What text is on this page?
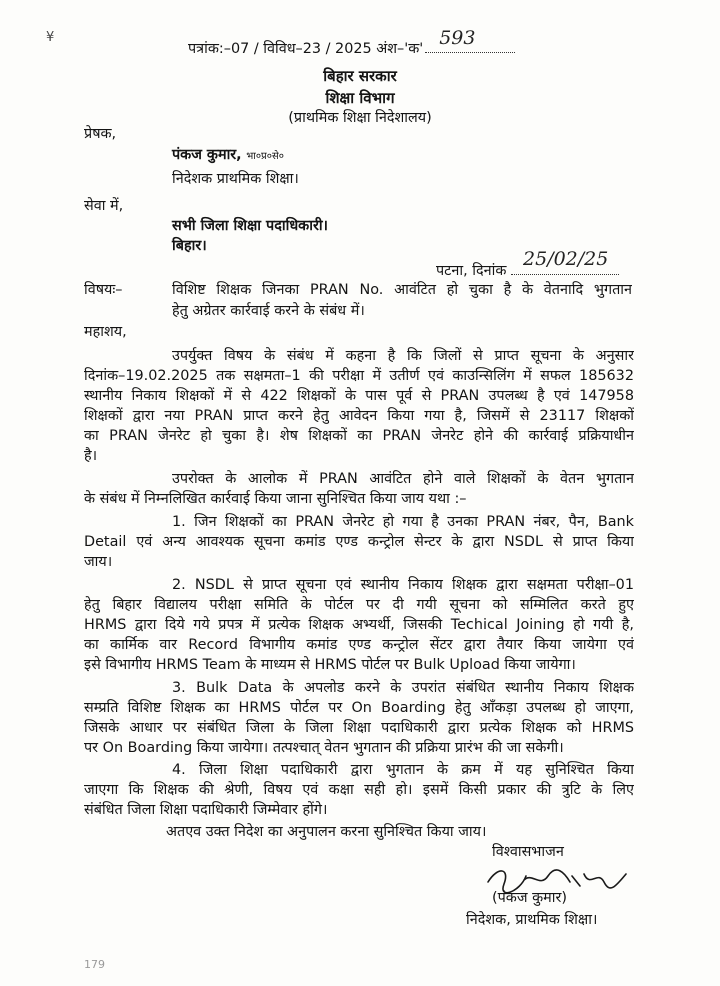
¥
पत्रांक:–07 / विविध–23 / 2025 अंश–'क' 593
बिहार सरकार
शिक्षा विभाग
(प्राथमिक शिक्षा निदेशालय)
प्रेषक,
पंकज कुमार, भा०प्र०से०
निदेशक प्राथमिक शिक्षा।
सेवा में,
सभी जिला शिक्षा पदाधिकारी।
बिहार।
पटना, दिनांक
25/02/25
विषयः–	विशिष्ट शिक्षक जिनका PRAN No. आवंटित हो चुका है के वेतनादि भुगतान
हेतु अग्रेतर कार्रवाई करने के संबंध में।
महाशय,
उपर्युक्त विषय के संबंध में कहना है कि जिलों से प्राप्त सूचना के अनुसार
दिनांक–19.02.2025 तक सक्षमता–1 की परीक्षा में उतीर्ण एवं काउन्सिलिंग में सफल 185632
स्थानीय निकाय शिक्षकों में से 422 शिक्षकों के पास पूर्व से PRAN उपलब्ध है एवं 147958
शिक्षकों द्वारा नया PRAN प्राप्त करने हेतु आवेदन किया गया है, जिसमें से 23117 शिक्षकों
का PRAN जेनरेट हो चुका है। शेष शिक्षकों का PRAN जेनरेट होने की कार्रवाई प्रक्रियाधीन
है।
उपरोक्त के आलोक में PRAN आवंटित होने वाले शिक्षकों के वेतन भुगतान
के संबंध में निम्नलिखित कार्रवाई किया जाना सुनिश्चित किया जाय यथा :–
1. जिन शिक्षकों का PRAN जेनरेट हो गया है उनका PRAN नंबर, पैन, Bank
Detail एवं अन्य आवश्यक सूचना कमांड एण्ड कन्ट्रोल सेन्टर के द्वारा NSDL से प्राप्त किया
जाय।
2. NSDL से प्राप्त सूचना एवं स्थानीय निकाय शिक्षक द्वारा सक्षमता परीक्षा–01
हेतु बिहार विद्यालय परीक्षा समिति के पोर्टल पर दी गयी सूचना को सम्मिलित करते हुए
HRMS द्वारा दिये गये प्रपत्र में प्रत्येक शिक्षक अभ्यर्थी, जिसकी Techical Joining हो गयी है,
का कार्मिक वार Record विभागीय कमांड एण्ड कन्ट्रोल सेंटर द्वारा तैयार किया जायेगा एवं
इसे विभागीय HRMS Team के माध्यम से HRMS पोर्टल पर Bulk Upload किया जायेगा।
3. Bulk Data के अपलोड करने के उपरांत संबंधित स्थानीय निकाय शिक्षक
सम्प्रति विशिष्ट शिक्षक का HRMS पोर्टल पर On Boarding हेतु आँकड़ा उपलब्ध हो जाएगा,
जिसके आधार पर संबंधित जिला के जिला शिक्षा पदाधिकारी द्वारा प्रत्येक शिक्षक को HRMS
पर On Boarding किया जायेगा। तत्पश्चात् वेतन भुगतान की प्रक्रिया प्रारंभ की जा सकेगी।
4. जिला शिक्षा पदाधिकारी द्वारा भुगतान के क्रम में यह सुनिश्चित किया
जाएगा कि शिक्षक की श्रेणी, विषय एवं कक्षा सही हो। इसमें किसी प्रकार की त्रुटि के लिए
संबंधित जिला शिक्षा पदाधिकारी जिम्मेवार होंगे।
अतएव उक्त निदेश का अनुपालन करना सुनिश्चित किया जाय।
विश्वासभाजन
(पंकज कुमार)
निदेशक, प्राथमिक शिक्षा।
179
